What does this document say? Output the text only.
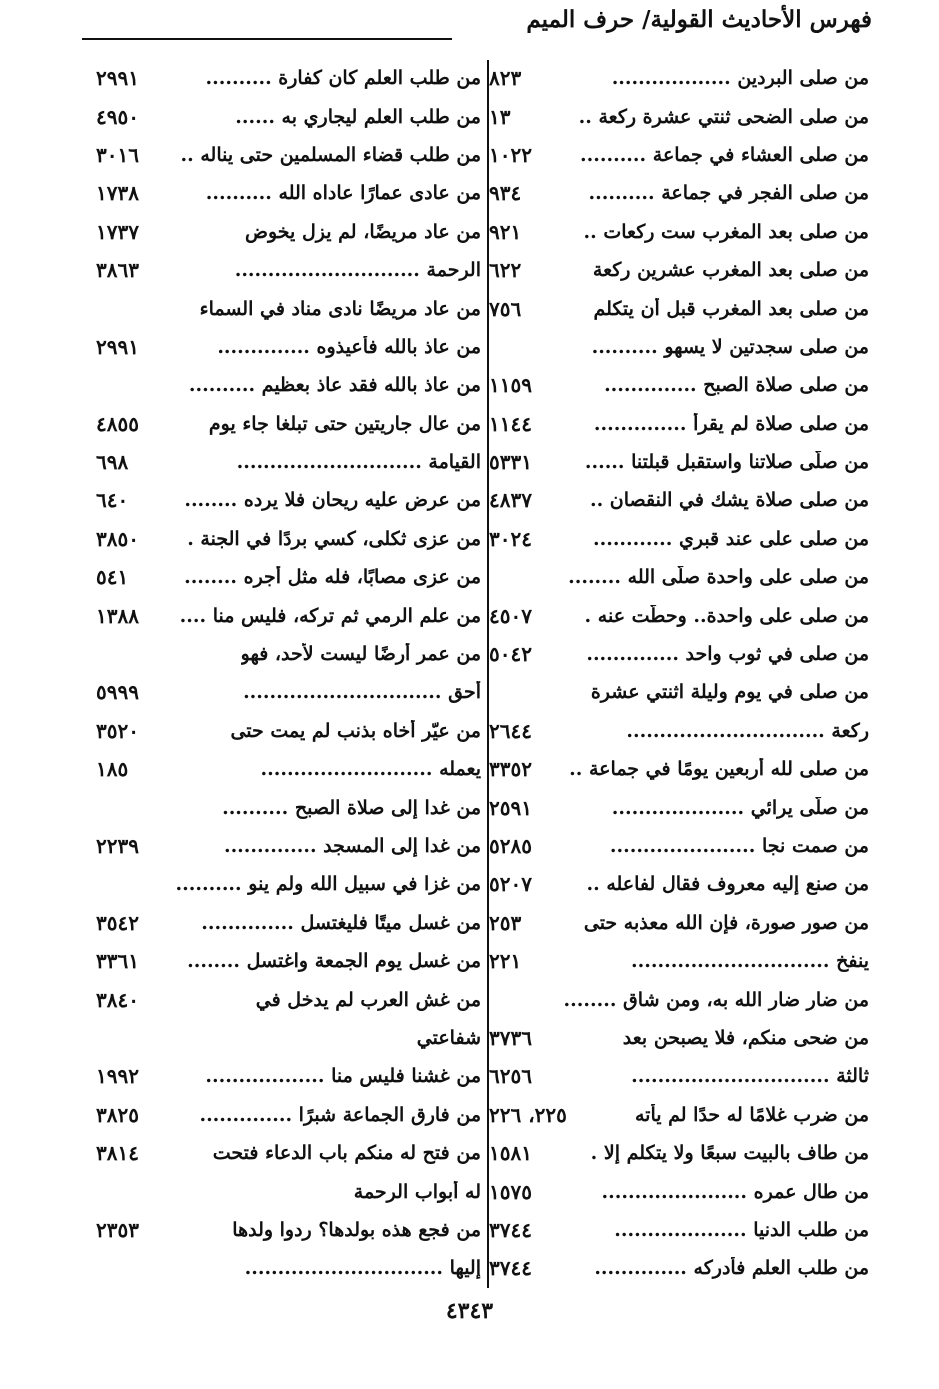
فهرس الأحاديث القولية/ حرف الميم
من صلى البردين ..................
٨٢٣
من صلى الضحى ثنتي عشرة ركعة ..
١٣
من صلى العشاء في جماعة ..........
١٠٢٢
من صلى الفجر في جماعة ..........
٩٣٤
من صلى بعد المغرب ست ركعات ..
٩٢١
من صلى بعد المغرب عشرين ركعة
٦٢٢
من صلى بعد المغرب قبل أن يتكلم
٧٥٦
من صلى سجدتين لا يسهو ..........
من صلى صلاة الصبح ..............
١١٥٩
من صلى صلاة لم يقرأ ..............
١١٤٤
من صلّى صلاتنا واستقبل قبلتنا ......
٥٣٣١
من صلى صلاة يشك في النقصان ..
٤٨٣٧
من صلى على عند قبري ............
٣٠٢٤
من صلى على واحدة صلّى الله ........
من صلى على واحدة.. وحطّت عنه .
٤٥٠٧
من صلى في ثوب واحد ..............
٥٠٤٢
من صلى في يوم وليلة اثنتي عشرة
ركعة ..............................
٢٦٤٤
من صلى لله أربعين يومًا في جماعة ..
٣٣٥٢
من صلّى يرائي ....................
٢٥٩١
من صمت نجا ......................
٥٢٨٥
من صنع إليه معروف فقال لفاعله ..
٥٢٠٧
من صور صورة، فإن الله معذبه حتى
٢٥٣
ينفخ ..............................
٢٢١
من ضار ضار الله به، ومن شاق ........
من ضحى منكم، فلا يصبحن بعد
٣٧٣٦
ثالثة ..............................
٦٢٥٦
من ضرب غلامًا له حدًا لم يأته
٢٢٥، ٢٢٦
من طاف بالبيت سبعًا ولا يتكلم إلا .
١٥٨١
من طال عمره ......................
١٥٧٥
من طلب الدنيا ....................
٣٧٤٤
من طلب العلم فأدركه ..............
٣٧٤٤
من طلب العلم كان كفارة ..........
٢٩٩١
من طلب العلم ليجاري به ......
٤٩٥٠
من طلب قضاء المسلمين حتى يناله ..
٣٠١٦
من عادى عمارًا عاداه الله ..........
١٧٣٨
من عاد مريضًا، لم يزل يخوض
١٧٣٧
الرحمة ............................
٣٨٦٣
من عاد مريضًا نادى مناد في السماء
من عاذ بالله فأعيذوه ..............
٢٩٩١
من عاذ بالله فقد عاذ بعظيم ..........
من عال جاريتين حتى تبلغا جاء يوم
٤٨٥٥
القيامة ............................
٦٩٨
من عرض عليه ريحان فلا يرده ........
٦٤٠
من عزى ثكلى، كسي بردًا في الجنة .
٣٨٥٠
من عزى مصابًا، فله مثل أجره ........
٥٤١
من علم الرمي ثم تركه، فليس منا ....
١٣٨٨
من عمر أرضًا ليست لأحد، فهو
أحق ..............................
٥٩٩٩
من عيّر أخاه بذنب لم يمت حتى
٣٥٢٠
يعمله ..........................
١٨٥
من غدا إلى صلاة الصبح ..........
من غدا إلى المسجد ..............
٢٢٣٩
من غزا في سبيل الله ولم ينو ..........
من غسل ميتًا فليغتسل ..............
٣٥٤٢
من غسل يوم الجمعة واغتسل ........
٣٣٦١
من غش العرب لم يدخل في
٣٨٤٠
شفاعتي
من غشنا فليس منا ..................
١٩٩٢
من فارق الجماعة شبرًا ..............
٣٨٢٥
من فتح له منكم باب الدعاء فتحت
٣٨١٤
له أبواب الرحمة
من فجع هذه بولدها؟ ردوا ولدها
٢٣٥٣
إليها ..............................
٤٣٤٣
